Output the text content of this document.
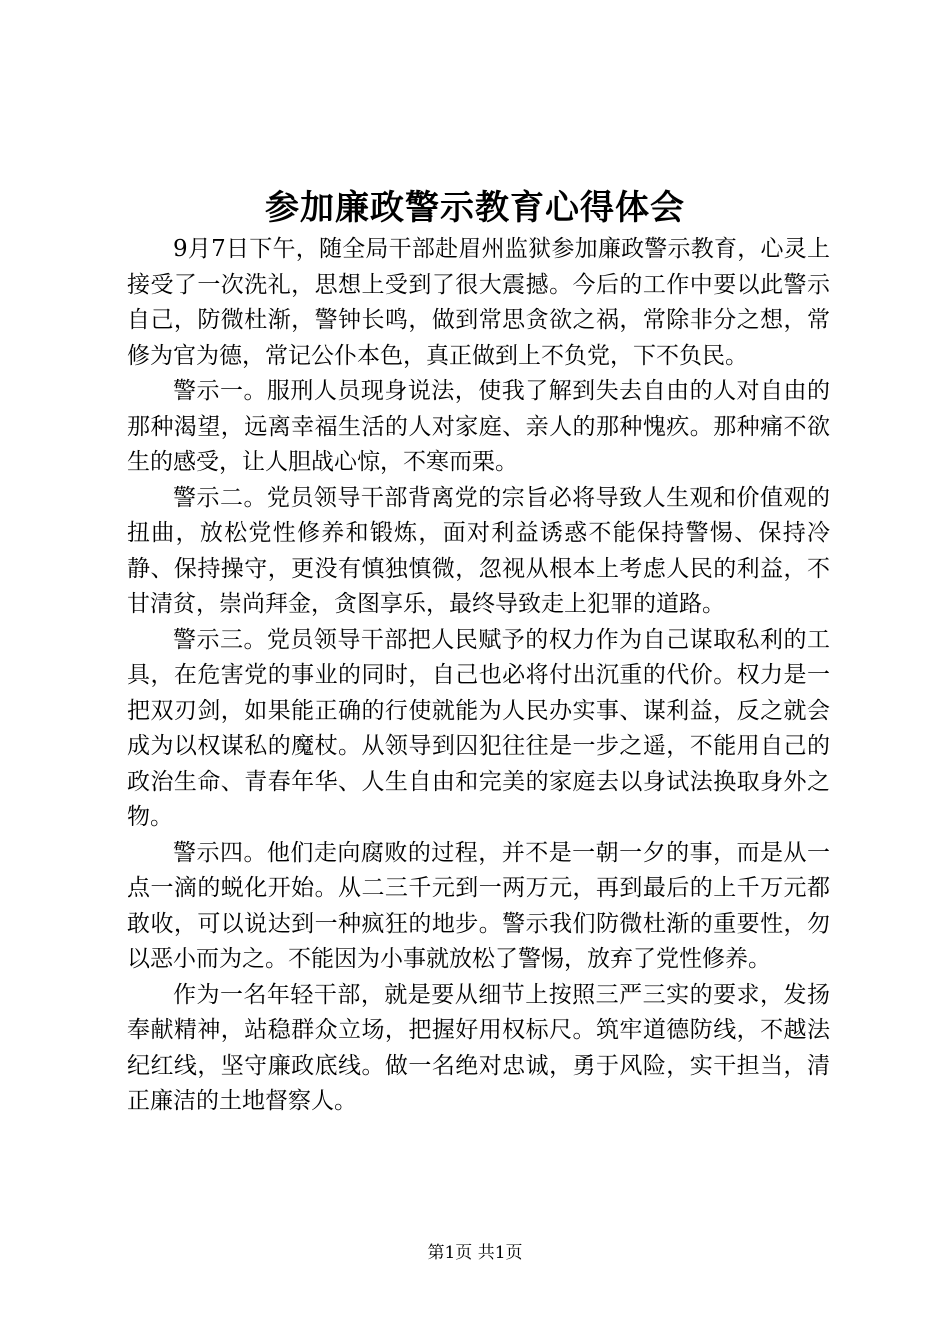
参加廉政警示教育心得体会

9月7日下午，随全局干部赴眉州监狱参加廉政警示教育，心灵上接受了一次洗礼，思想上受到了很大震撼。今后的工作中要以此警示自己，防微杜渐，警钟长鸣，做到常思贪欲之祸，常除非分之想，常修为官为德，常记公仆本色，真正做到上不负党，下不负民。

警示一。服刑人员现身说法，使我了解到失去自由的人对自由的那种渴望，远离幸福生活的人对家庭、亲人的那种愧疚。那种痛不欲生的感受，让人胆战心惊，不寒而栗。

警示二。党员领导干部背离党的宗旨必将导致人生观和价值观的扭曲，放松党性修养和锻炼，面对利益诱惑不能保持警惕、保持冷静、保持操守，更没有慎独慎微，忽视从根本上考虑人民的利益，不甘清贫，崇尚拜金，贪图享乐，最终导致走上犯罪的道路。

警示三。党员领导干部把人民赋予的权力作为自己谋取私利的工具，在危害党的事业的同时，自己也必将付出沉重的代价。权力是一把双刃剑，如果能正确的行使就能为人民办实事、谋利益，反之就会成为以权谋私的魔杖。从领导到囚犯往往是一步之遥，不能用自己的政治生命、青春年华、人生自由和完美的家庭去以身试法换取身外之物。

警示四。他们走向腐败的过程，并不是一朝一夕的事，而是从一点一滴的蜕化开始。从二三千元到一两万元，再到最后的上千万元都敢收，可以说达到一种疯狂的地步。警示我们防微杜渐的重要性，勿以恶小而为之。不能因为小事就放松了警惕，放弃了党性修养。

作为一名年轻干部，就是要从细节上按照三严三实的要求，发扬奉献精神，站稳群众立场，把握好用权标尺。筑牢道德防线，不越法纪红线，坚守廉政底线。做一名绝对忠诚，勇于风险，实干担当，清正廉洁的土地督察人。

第1页 共1页
